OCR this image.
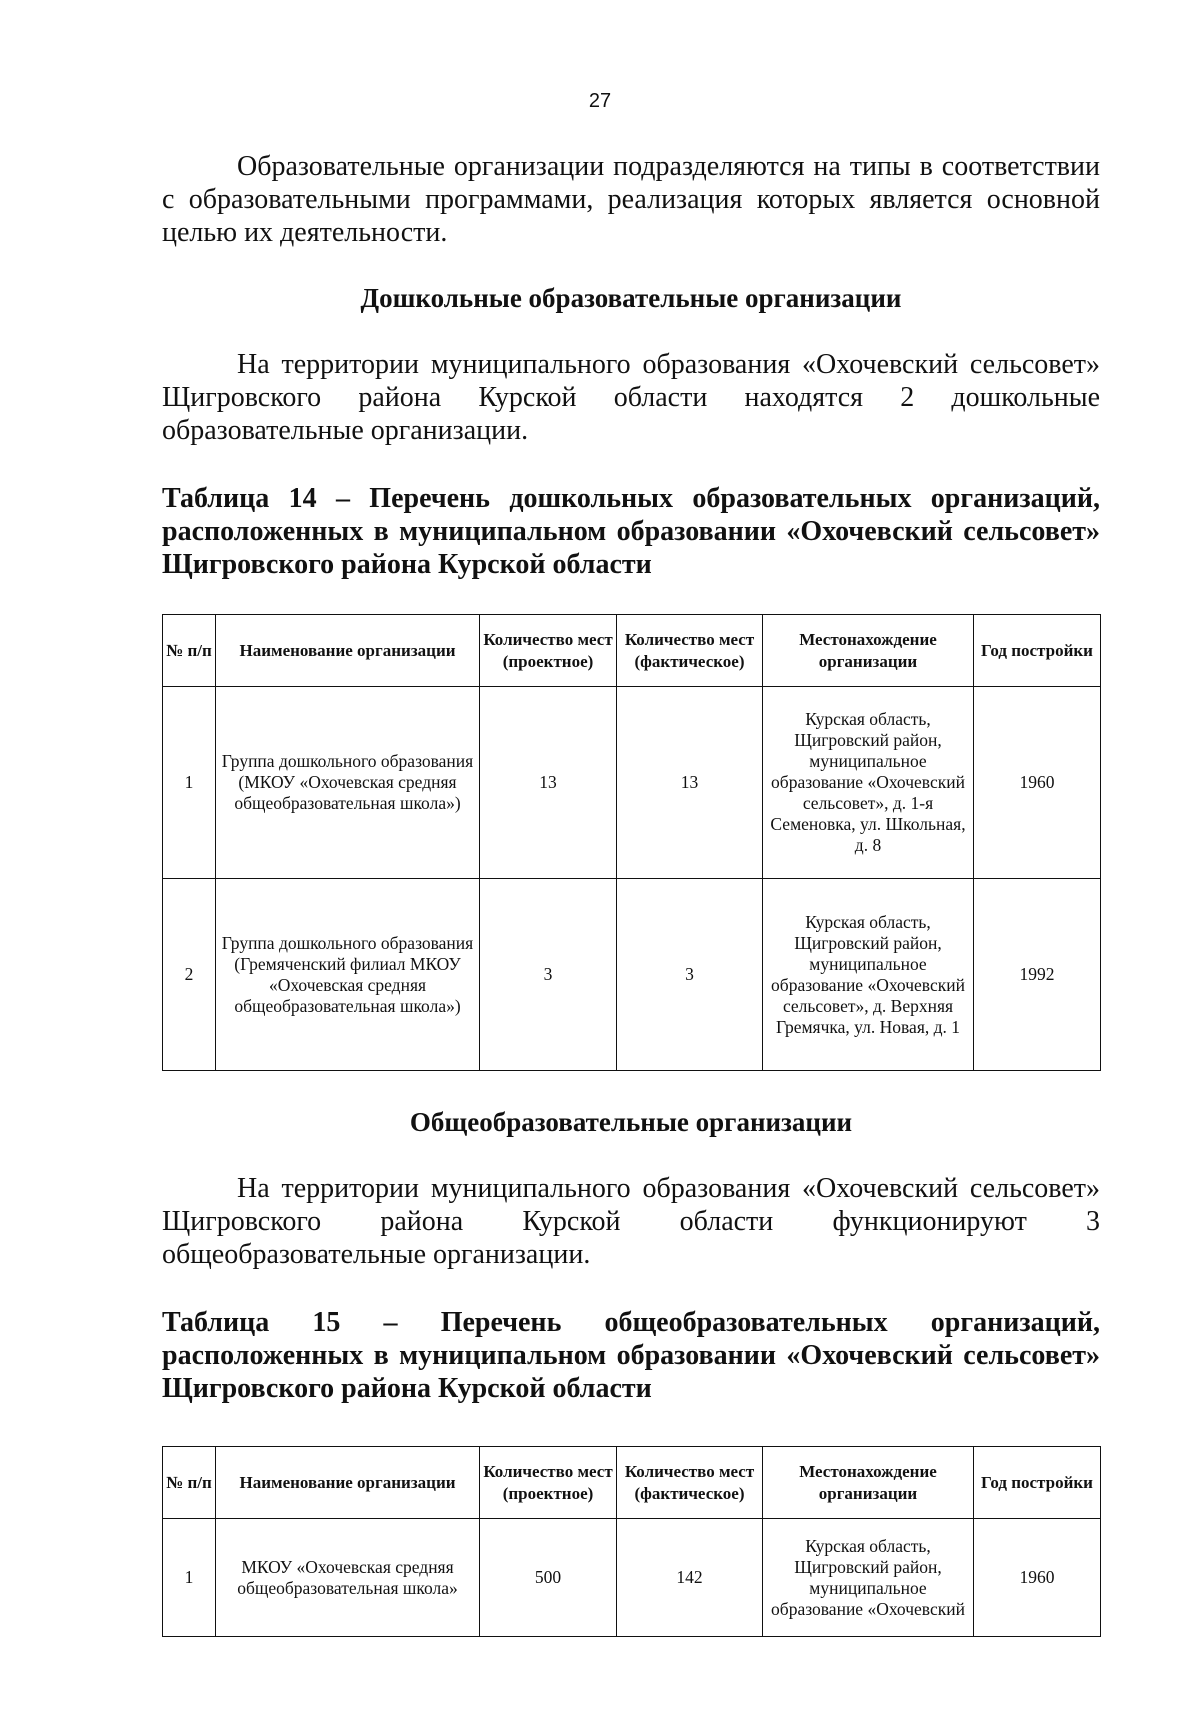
27

Образовательные организации подразделяются на типы в соответствии с образовательными программами, реализация которых является основной целью их деятельности.

Дошкольные образовательные организации

На территории муниципального образования «Охочевский сельсовет» Щигровского района Курской области находятся 2 дошкольные образовательные организации.

Таблица 14 – Перечень дошкольных образовательных организаций, расположенных в муниципальном образовании «Охочевский сельсовет» Щигровского района Курской области

№ п/п	Наименование организации	Количество мест (проектное)	Количество мест (фактическое)	Местонахождение организации	Год постройки
1	Группа дошкольного образования (МКОУ «Охочевская средняя общеобразовательная школа»)	13	13	Курская область, Щигровский район, муниципальное образование «Охочевский сельсовет», д. 1-я Семеновка, ул. Школьная, д. 8	1960
2	Группа дошкольного образования (Гремяченский филиал МКОУ «Охочевская средняя общеобразовательная школа»)	3	3	Курская область, Щигровский район, муниципальное образование «Охочевский сельсовет», д. Верхняя Гремячка, ул. Новая, д. 1	1992
Общеобразовательные организации

На территории муниципального образования «Охочевский сельсовет» Щигровского района Курской области функционируют 3 общеобразовательные организации.

Таблица 15 – Перечень общеобразовательных организаций, расположенных в муниципальном образовании «Охочевский сельсовет» Щигровского района Курской области

№ п/п	Наименование организации	Количество мест (проектное)	Количество мест (фактическое)	Местонахождение организации	Год постройки
1	МКОУ «Охочевская средняя общеобразовательная школа»	500	142	Курская область, Щигровский район, муниципальное образование «Охочевский	1960
